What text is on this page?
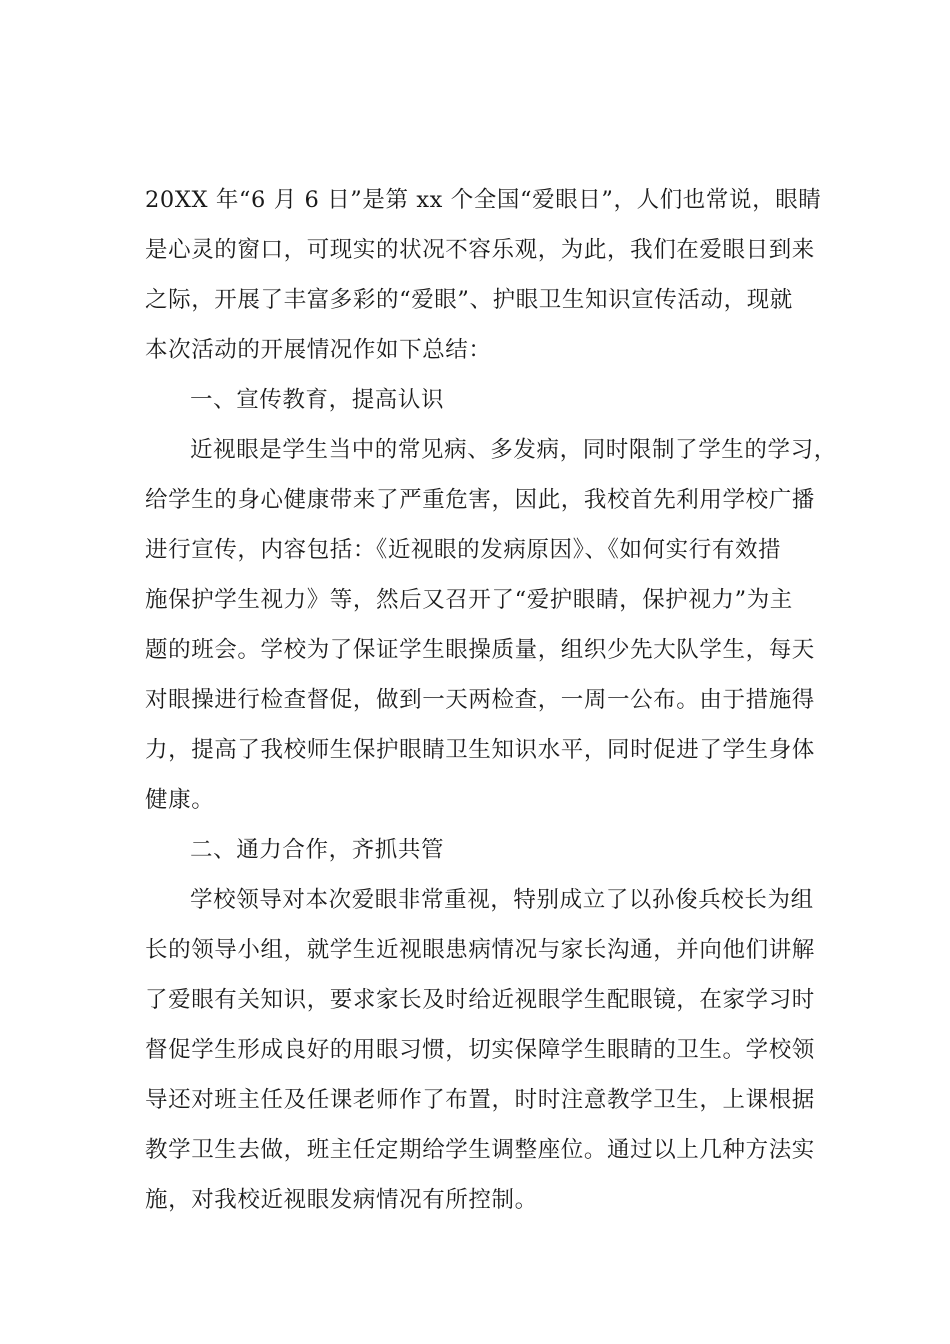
20XX 年“6 月 6 日”是第 xx 个全国“爱眼日”，人们也常说，眼睛
是心灵的窗口，可现实的状况不容乐观，为此，我们在爱眼日到来
之际，开展了丰富多彩的“爱眼”、护眼卫生知识宣传活动，现就
本次活动的开展情况作如下总结：
一、宣传教育，提高认识
近视眼是学生当中的常见病、多发病，同时限制了学生的学习，
给学生的身心健康带来了严重危害，因此，我校首先利用学校广播
进行宣传，内容包括：《近视眼的发病原因》、《如何实行有效措
施保护学生视力》等，然后又召开了“爱护眼睛，保护视力”为主
题的班会。学校为了保证学生眼操质量，组织少先大队学生，每天
对眼操进行检查督促，做到一天两检查，一周一公布。由于措施得
力，提高了我校师生保护眼睛卫生知识水平，同时促进了学生身体
健康。
二、通力合作，齐抓共管
学校领导对本次爱眼非常重视，特别成立了以孙俊兵校长为组
长的领导小组，就学生近视眼患病情况与家长沟通，并向他们讲解
了爱眼有关知识，要求家长及时给近视眼学生配眼镜，在家学习时
督促学生形成良好的用眼习惯，切实保障学生眼睛的卫生。学校领
导还对班主任及任课老师作了布置，时时注意教学卫生，上课根据
教学卫生去做，班主任定期给学生调整座位。通过以上几种方法实
施，对我校近视眼发病情况有所控制。
